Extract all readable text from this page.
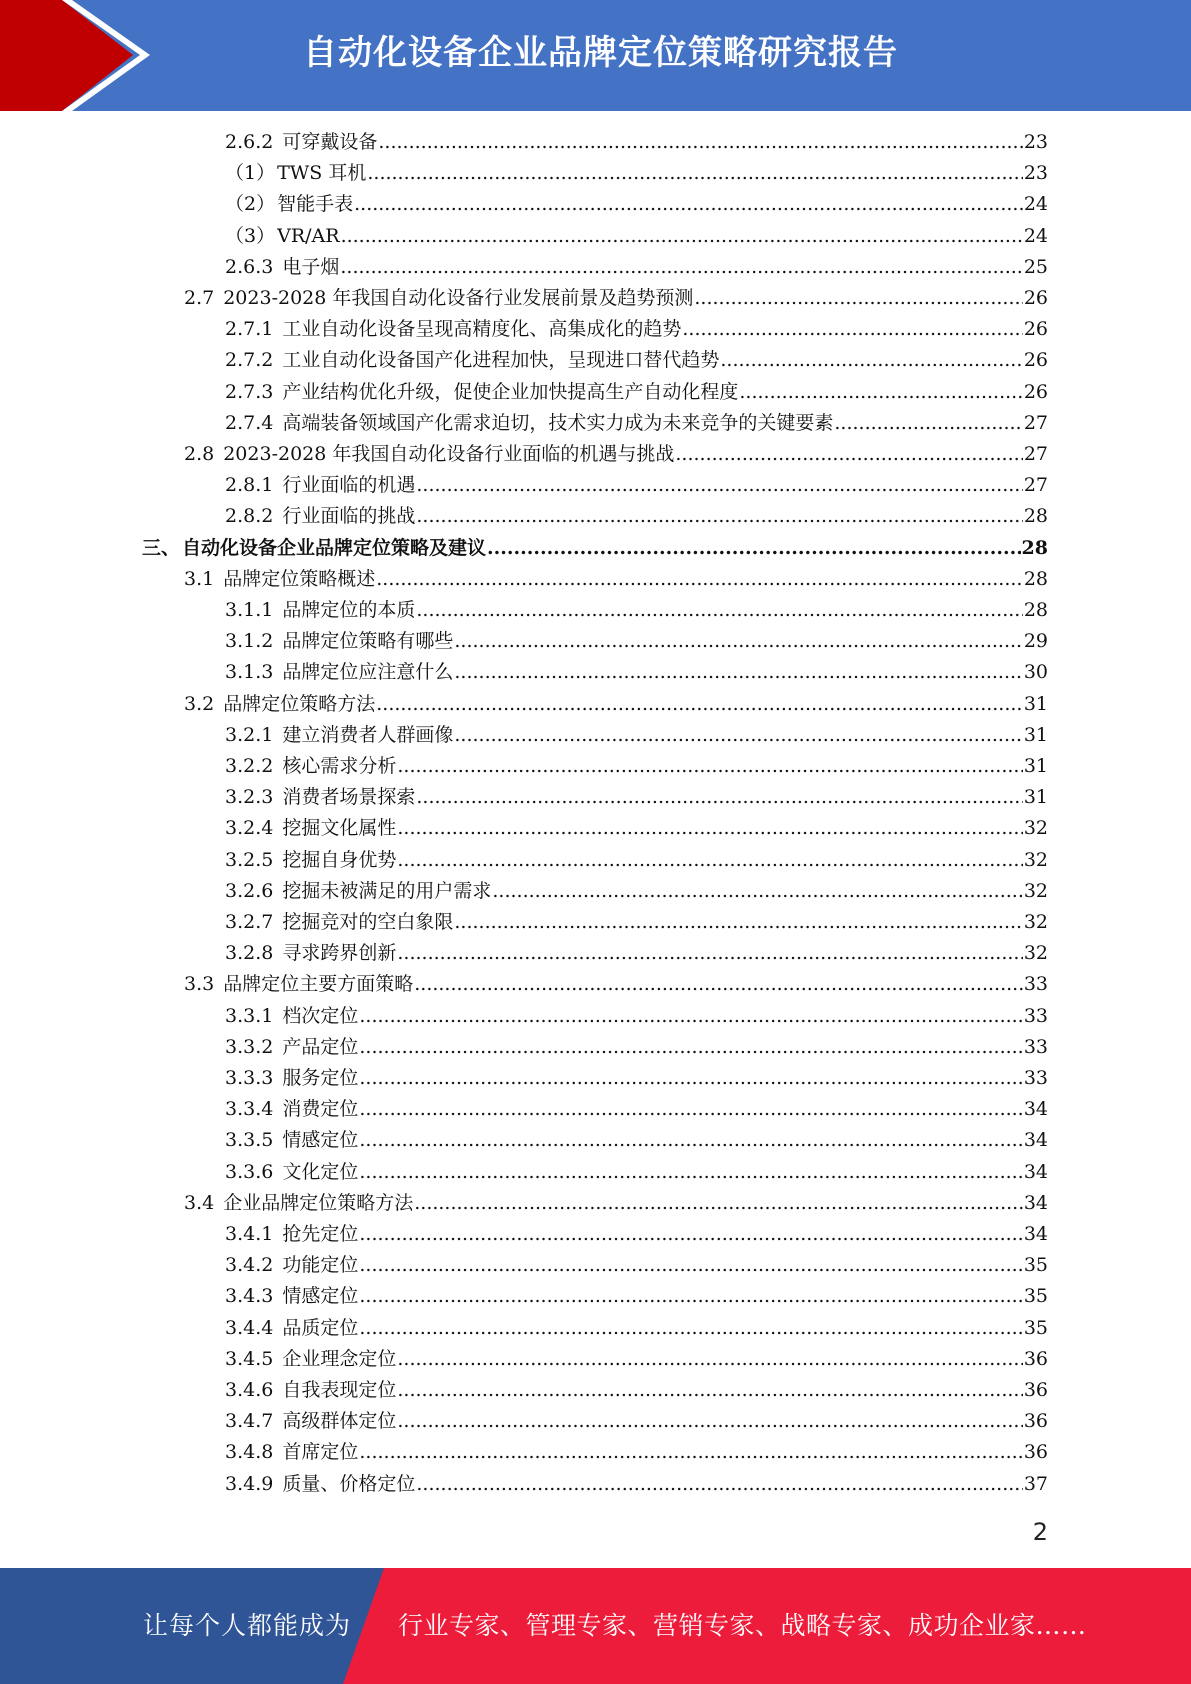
自动化设备企业品牌定位策略研究报告
2.6.2 可穿戴设备 .....	23
（1） TWS 耳机 .....	23
（2） 智能手表 .....	24
（3） VR/AR .....	24
2.6.3 电子烟 .....	25
2.7 2023-2028 年我国自动化设备行业发展前景及趋势预测 .....	26
2.7.1 工业自动化设备呈现高精度化、高集成化的趋势 .....	26
2.7.2 工业自动化设备国产化进程加快，呈现进口替代趋势 .....	26
2.7.3 产业结构优化升级，促使企业加快提高生产自动化程度 .....	26
2.7.4 高端装备领域国产化需求迫切，技术实力成为未来竞争的关键要素 .....	27
2.8 2023-2028 年我国自动化设备行业面临的机遇与挑战 .....	27
2.8.1 行业面临的机遇 .....	27
2.8.2 行业面临的挑战 .....	28
三、 自动化设备企业品牌定位策略及建议 .....	28
3.1 品牌定位策略概述 .....	28
3.1.1 品牌定位的本质 .....	28
3.1.2 品牌定位策略有哪些 .....	29
3.1.3 品牌定位应注意什么 .....	30
3.2 品牌定位策略方法 .....	31
3.2.1 建立消费者人群画像 .....	31
3.2.2 核心需求分析 .....	31
3.2.3 消费者场景探索 .....	31
3.2.4 挖掘文化属性 .....	32
3.2.5 挖掘自身优势 .....	32
3.2.6 挖掘未被满足的用户需求 .....	32
3.2.7 挖掘竞对的空白象限 .....	32
3.2.8 寻求跨界创新 .....	32
3.3 品牌定位主要方面策略 .....	33
3.3.1 档次定位 .....	33
3.3.2 产品定位 .....	33
3.3.3 服务定位 .....	33
3.3.4 消费定位 .....	34
3.3.5 情感定位 .....	34
3.3.6 文化定位 .....	34
3.4 企业品牌定位策略方法 .....	34
3.4.1 抢先定位 .....	34
3.4.2 功能定位 .....	35
3.4.3 情感定位 .....	35
3.4.4 品质定位 .....	35
3.4.5 企业理念定位 .....	36
3.4.6 自我表现定位 .....	36
3.4.7 高级群体定位 .....	36
3.4.8 首席定位 .....	36
3.4.9 质量、价格定位 .....	37
2
让每个人都能成为 行业专家、管理专家、营销专家、战略专家、成功企业家……
